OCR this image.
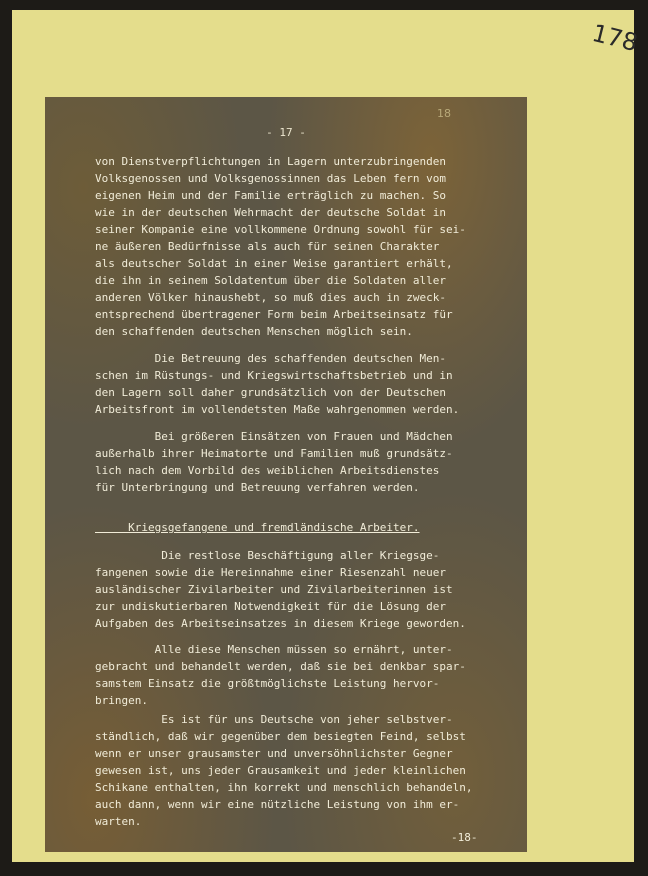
178
18
- 17 -
von Dienstverpflichtungen in Lagern unterzubringenden
Volksgenossen und Volksgenossinnen das Leben fern vom
eigenen Heim und der Familie erträglich zu machen. So
wie in der deutschen Wehrmacht der deutsche Soldat in
seiner Kompanie eine vollkommene Ordnung sowohl für sei-
ne äußeren Bedürfnisse als auch für seinen Charakter
als deutscher Soldat in einer Weise garantiert erhält,
die ihn in seinem Soldatentum über die Soldaten aller
anderen Völker hinaushebt, so muß dies auch in zweck-
entsprechend übertragener Form beim Arbeitseinsatz für
den schaffenden deutschen Menschen möglich sein.
Die Betreuung des schaffenden deutschen Men-
schen im Rüstungs- und Kriegswirtschaftsbetrieb und in
den Lagern soll daher grundsätzlich von der Deutschen
Arbeitsfront im vollendetsten Maße wahrgenommen werden.
Bei größeren Einsätzen von Frauen und Mädchen
außerhalb ihrer Heimatorte und Familien muß grundsätz-
lich nach dem Vorbild des weiblichen Arbeitsdienstes
für Unterbringung und Betreuung verfahren werden.
Kriegsgefangene und fremdländische Arbeiter.
Die restlose Beschäftigung aller Kriegsge-
fangenen sowie die Hereinnahme einer Riesenzahl neuer
ausländischer Zivilarbeiter und Zivilarbeiterinnen ist
zur undiskutierbaren Notwendigkeit für die Lösung der
Aufgaben des Arbeitseinsatzes in diesem Kriege geworden.
Alle diese Menschen müssen so ernährt, unter-
gebracht und behandelt werden, daß sie bei denkbar spar-
samstem Einsatz die größtmöglichste Leistung hervor-
bringen.
Es ist für uns Deutsche von jeher selbstver-
ständlich, daß wir gegenüber dem besiegten Feind, selbst
wenn er unser grausamster und unversöhnlichster Gegner
gewesen ist, uns jeder Grausamkeit und jeder kleinlichen
Schikane enthalten, ihn korrekt und menschlich behandeln,
auch dann, wenn wir eine nützliche Leistung von ihm er-
warten.
-18-
